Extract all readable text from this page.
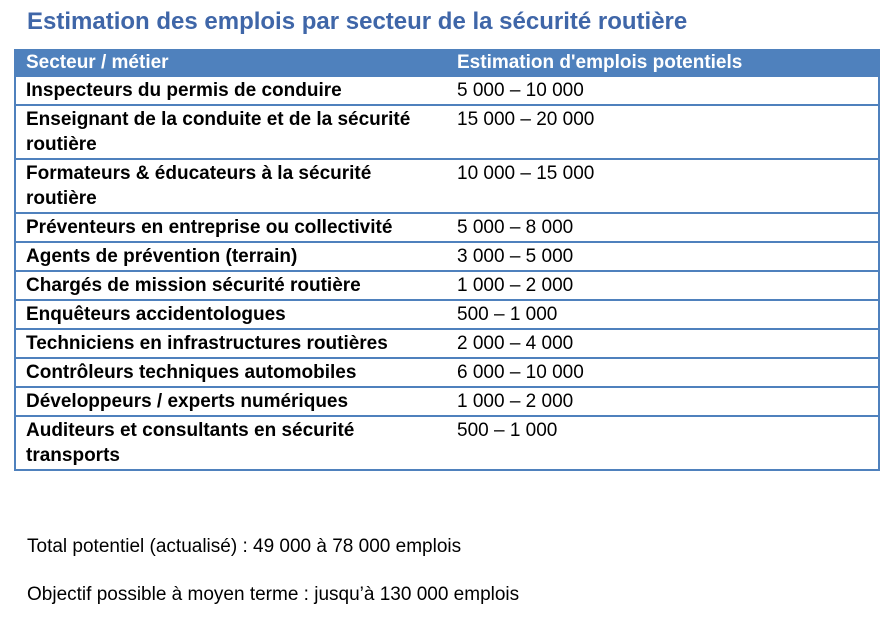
Estimation des emplois par secteur de la sécurité routière
Secteur / métier	Estimation d'emplois potentiels
Inspecteurs du permis de conduire	5 000 – 10 000
Enseignant de la conduite et de la sécurité routière	15 000 – 20 000
Formateurs & éducateurs à la sécurité routière	10 000 – 15 000
Préventeurs en entreprise ou collectivité	5 000 – 8 000
Agents de prévention (terrain)	3 000 – 5 000
Chargés de mission sécurité routière	1 000 – 2 000
Enquêteurs accidentologues	500 – 1 000
Techniciens en infrastructures routières	2 000 – 4 000
Contrôleurs techniques automobiles	6 000 – 10 000
Développeurs / experts numériques	1 000 – 2 000
Auditeurs et consultants en sécurité transports	500 – 1 000
Total potentiel (actualisé) : 49 000 à 78 000 emplois
Objectif possible à moyen terme : jusqu’à 130 000 emplois
